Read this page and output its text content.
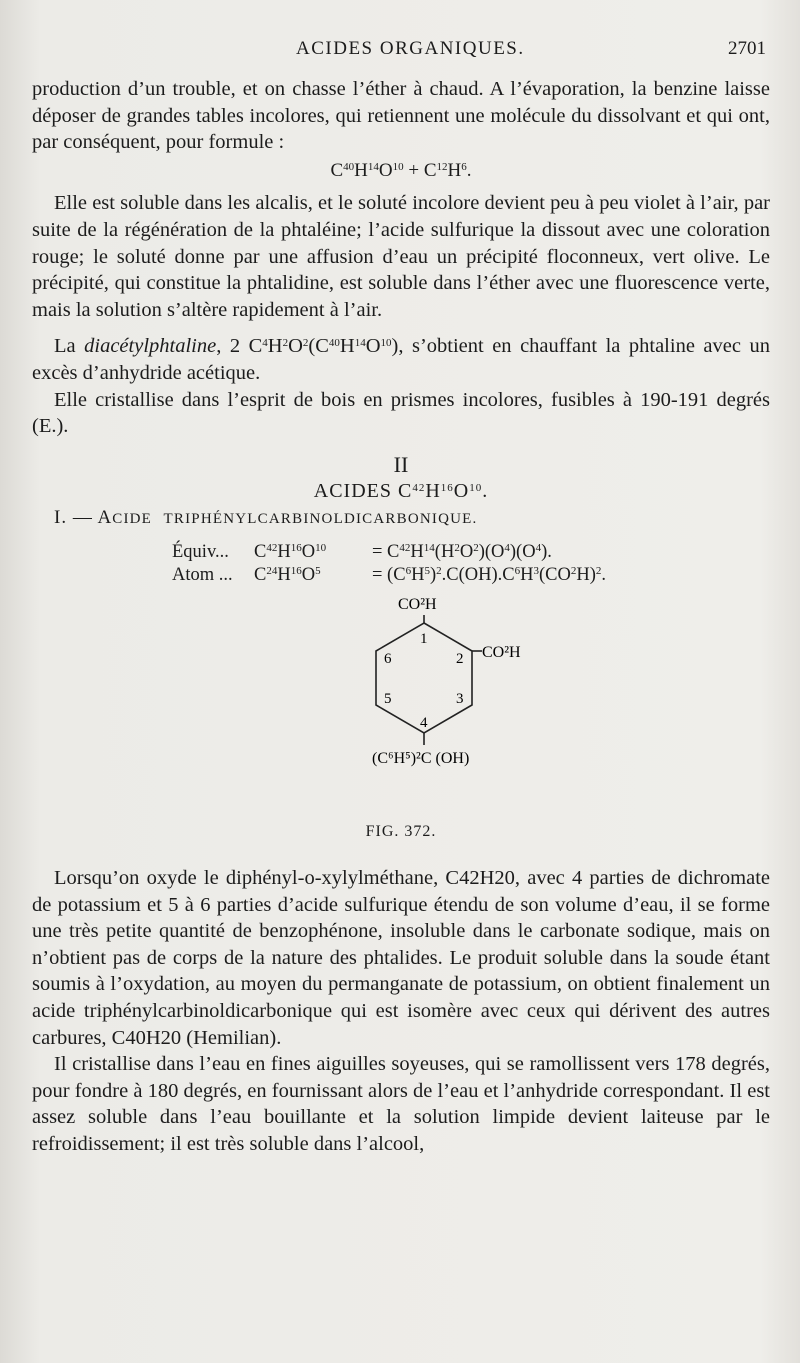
ACIDES ORGANIQUES.	2701

production d’un trouble, et on chasse l’éther à chaud. A l’évaporation, la benzine laisse déposer de grandes tables incolores, qui retiennent une molécule du dissolvant et qui ont, par conséquent, pour formule :

$C^{40}H^{14}O^{10} + C^{12}H^6$.

Elle est soluble dans les alcalis, et le soluté incolore devient peu à peu violet à l’air, par suite de la régénération de la phtaléine; l’acide sulfurique la dissout avec une coloration rouge; le soluté donne par une affusion d’eau un précipité floconneux, vert olive. Le précipité, qui constitue la phtalidine, est soluble dans l’éther avec une fluorescence verte, mais la solution s’altère rapidement à l’air.

La diacétylphtaline, 2 $C^4H^2O^2(C^{40}H^{14}O^{10})$, s’obtient en chauffant la phtaline avec un excès d’anhydride acétique.

Elle cristallise dans l’esprit de bois en prismes incolores, fusibles à 190-191 degrés (E.).

II
ACIDES $C^{42}H^{16}O^{10}$.

I. — ACIDE TRIPHÉNYLCARBINOLDICARBONIQUE.

Équiv...	$C^{42}H^{16}O^{10}$	= $C^{42}H^{14}(H^2O^2)(O^4)(O^4)$.
Atom ...	$C^{24}H^{16}O^5$	= $(C^6H^5)^2.C(OH).C^6H^3(CO^2H)^2$.
CO²H
CO²H
(C⁶H⁵)²C (OH)
1
2
3
4
5
6
FIG. 372.

Lorsqu’on oxyde le diphényl-o-xylylméthane, C42H20, avec 4 parties de dichromate de potassium et 5 à 6 parties d’acide sulfurique étendu de son volume d’eau, il se forme une très petite quantité de benzophénone, insoluble dans le carbonate sodique, mais on n’obtient pas de corps de la nature des phtalides. Le produit soluble dans la soude étant soumis à l’oxydation, au moyen du permanganate de potassium, on obtient finalement un acide triphénylcarbinoldicarbonique qui est isomère avec ceux qui dérivent des autres carbures, C40H20 (Hemilian).

Il cristallise dans l’eau en fines aiguilles soyeuses, qui se ramollissent vers 178 degrés, pour fondre à 180 degrés, en fournissant alors de l’eau et l’anhydride correspondant. Il est assez soluble dans l’eau bouillante et la solution limpide devient laiteuse par le refroidissement; il est très soluble dans l’alcool,
